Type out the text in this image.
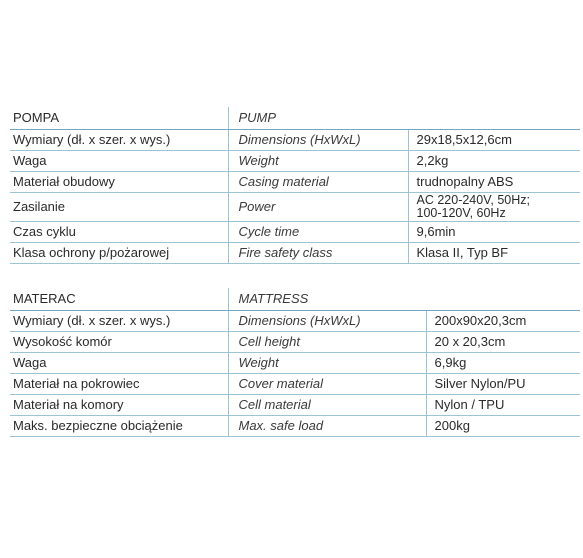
POMPA	PUMP	
Wymiary (dł. x szer. x wys.)	Dimensions (HxWxL)	29x18,5x12,6cm
Waga	Weight	2,2kg
Materiał obudowy	Casing material	trudnopalny ABS
Zasilanie	Power	AC 220-240V, 50Hz;
100-120V, 60Hz

Czas cyklu	Cycle time	9,6min
Klasa ochrony p/pożarowej	Fire safety class	Klasa II, Typ BF
MATERAC	MATTRESS	
Wymiary (dł. x szer. x wys.)	Dimensions (HxWxL)	200x90x20,3cm
Wysokość komór	Cell height	20 x 20,3cm
Waga	Weight	6,9kg
Materiał na pokrowiec	Cover material	Silver Nylon/PU
Materiał na komory	Cell material	Nylon / TPU
Maks. bezpieczne obciążenie	Max. safe load	200kg
